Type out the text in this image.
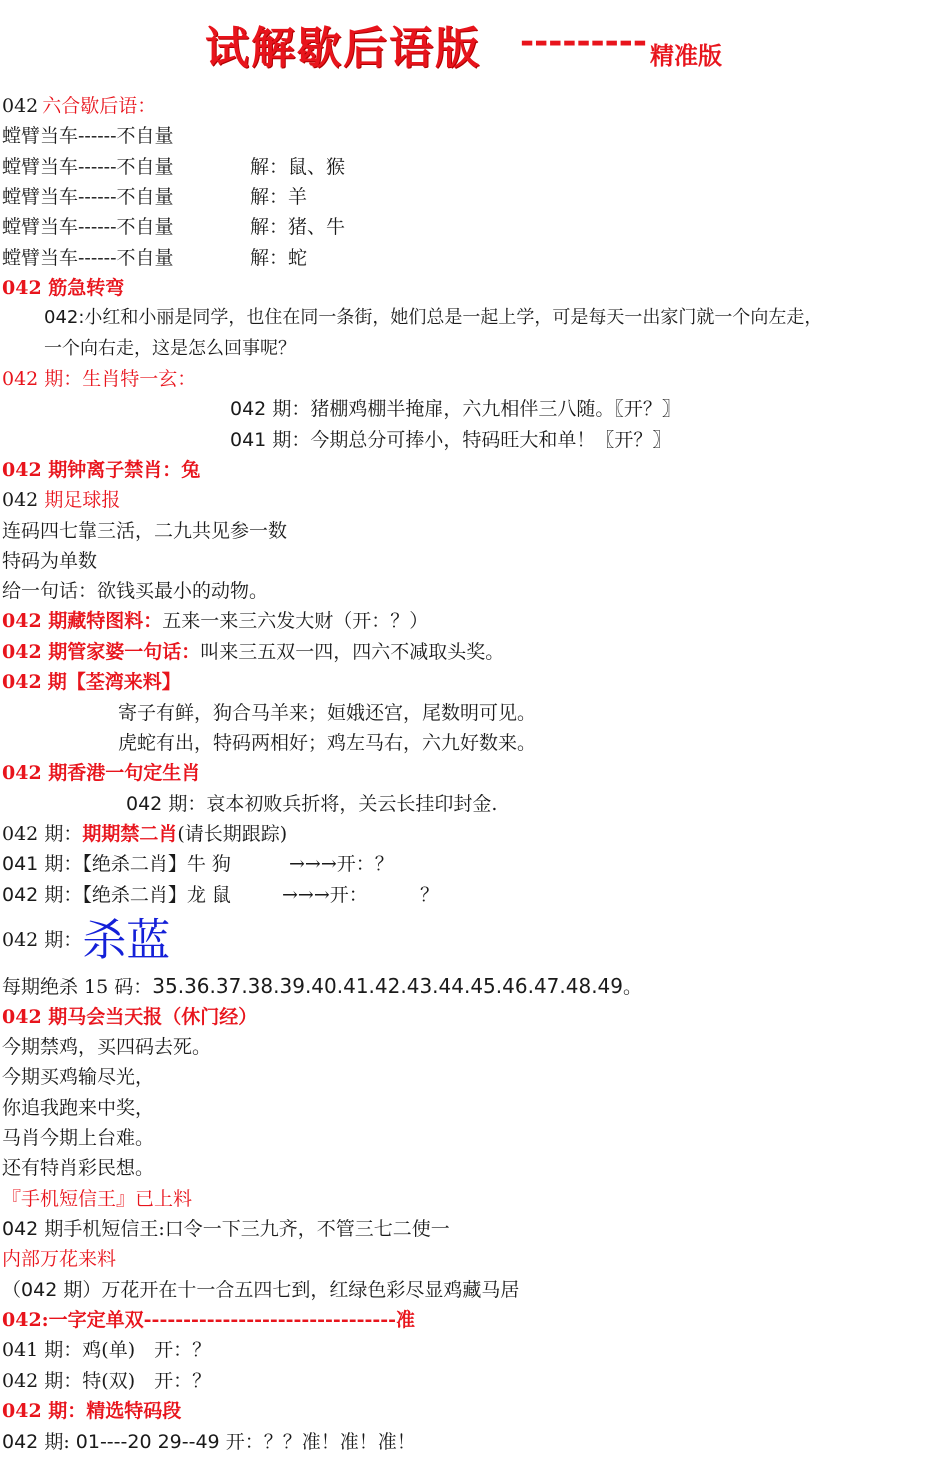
试解歇后语版 --------- 精准版
042 六合歇后语：
螳臂当车------不自量
螳臂当车------不自量	解：鼠、猴
螳臂当车------不自量	解：羊
螳臂当车------不自量	解：猪、牛
螳臂当车------不自量	解：蛇
042 筋急转弯
042:小红和小丽是同学，也住在同一条街，她们总是一起上学，可是每天一出家门就一个向左走，
一个向右走，这是怎么回事呢？
042 期：生肖特一玄：
042 期：猪棚鸡棚半掩扉，六九相伴三八随。〖开？〗
041 期：今期总分可捧小，特码旺大和单！〖开？〗
042 期钟离子禁肖：兔
042 期足球报
连码四七靠三活，二九共见参一数
特码为单数
给一句话：欲钱买最小的动物。
042 期藏特图料：五来一来三六发大财（开：？）
042 期管家婆一句话：叫来三五双一四，四六不减取头奖。
042 期【荃湾来料】
寄子有鲜，狗合马羊来；姮娥还宫，尾数明可见。
虎蛇有出，特码两相好；鸡左马右，六九好数来。
042 期香港一句定生肖
042 期：哀本初败兵折将，关云长挂印封金.
042 期：期期禁二肖(请长期跟踪)
041 期：【绝杀二肖】牛 狗	→→→开：？
042 期：【绝杀二肖】龙 鼠	→→→开：	？
042 期：杀蓝
每期绝杀 15 码：35.36.37.38.39.40.41.42.43.44.45.46.47.48.49。
042 期马会当天报（休门经）
今期禁鸡，买四码去死。
今期买鸡输尽光，
你追我跑来中奖，
马肖今期上台难。
还有特肖彩民想。
『手机短信王』已上料
042 期手机短信王:口令一下三九齐，不管三七二使一
内部万花来料
（042 期）万花开在十一合五四七到，红绿色彩尽显鸡藏马居
042:一字定单双--------------------------------准
041 期：鸡(单)　开：？
042 期：特(双)　开：？
042 期：精选特码段
042 期: 01----20 29--49 开：？？准！准！准！
